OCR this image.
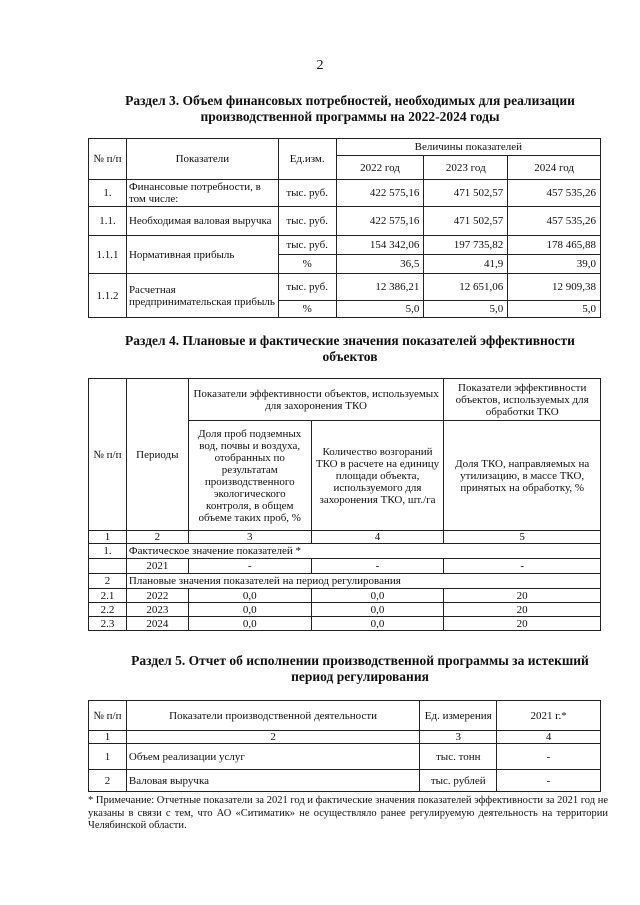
2
Раздел 3. Объем финансовых потребностей, необходимых для реализации
производственной программы на 2022-2024 годы
№ п/п	Показатели	Ед.изм.	Величины показателей		
			2022 год	2023 год	2024 год
1.	Финансовые потребности, в том числе:	тыс. руб.	422 575,16	471 502,57	457 535,26
1.1.	Необходимая валовая выручка	тыс. руб.	422 575,16	471 502,57	457 535,26
1.1.1	Нормативная прибыль	тыс. руб.	154 342,06	197 735,82	178 465,88
		%	36,5	41,9	39,0
1.1.2	Расчетная предпринимательская прибыль	тыс. руб.	12 386,21	12 651,06	12 909,38
		%	5,0	5,0	5,0
Раздел 4. Плановые и фактические значения показателей эффективности
объектов
№ п/п	Периоды	Показатели эффективности объектов, используемых для захоронения ТКО		Показатели эффективности объектов, используемых для обработки ТКО
		Доля проб подземных вод, почвы и воздуха, отобранных по результатам производственного экологического контроля, в общем объеме таких проб, %	Количество возгораний ТКО в расчете на единицу площади объекта, используемого для захоронения ТКО, шт./га	Доля ТКО, направляемых на утилизацию, в массе ТКО, принятых на обработку, %
1	2	3	4	5
1.	Фактическое значение показателей *			
	2021	-	-	-
2	Плановые значения показателей на период регулирования			
2.1	2022	0,0	0,0	20
2.2	2023	0,0	0,0	20
2.3	2024	0,0	0,0	20
Раздел 5. Отчет об исполнении производственной программы за истекший
период регулирования
№ п/п	Показатели производственной деятельности	Ед. измерения	2021 г.*
1	2	3	4
1	Объем реализации услуг	тыс. тонн	-
2	Валовая выручка	тыс. рублей	-
* Примечание: Отчетные показатели за 2021 год и фактические значения показателей эффективности за 2021 год не указаны в связи с тем, что АО «Ситиматик» не осуществляло ранее регулируемую деятельность на территории Челябинской области.
